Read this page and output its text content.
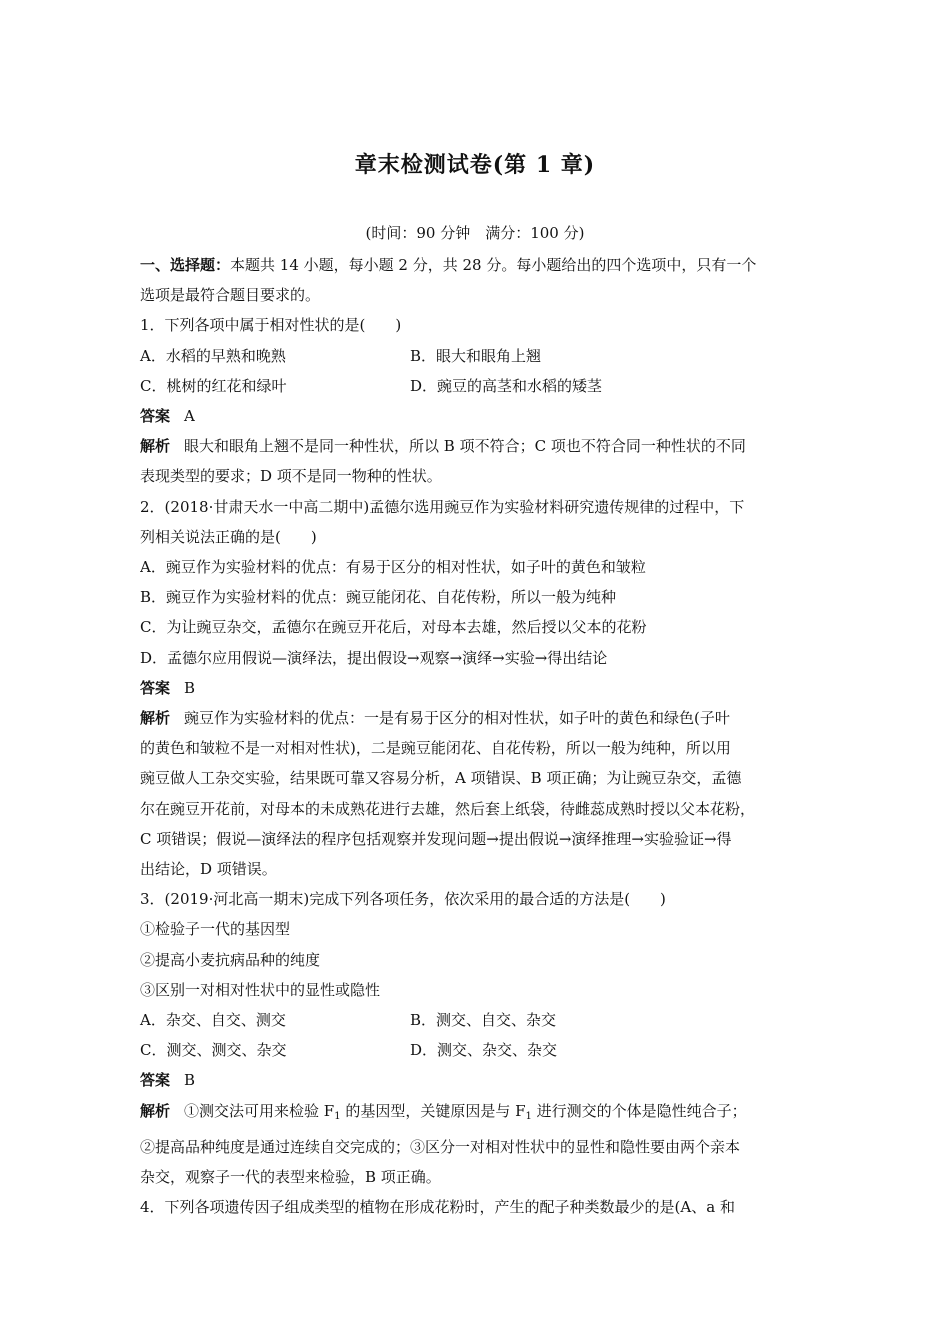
章末检测试卷(第 1 章)
(时间：90 分钟　满分：100 分)
一、选择题：本题共 14 小题，每小题 2 分，共 28 分。每小题给出的四个选项中，只有一个
选项是最符合题目要求的。
1．下列各项中属于相对性状的是(　　)
A．水稻的早熟和晚熟	B．眼大和眼角上翘
C．桃树的红花和绿叶	D．豌豆的高茎和水稻的矮茎
答案 A
解析 眼大和眼角上翘不是同一种性状，所以 B 项不符合；C 项也不符合同一种性状的不同
表现类型的要求；D 项不是同一物种的性状。
2．(2018·甘肃天水一中高二期中)孟德尔选用豌豆作为实验材料研究遗传规律的过程中，下
列相关说法正确的是(　　)
A．豌豆作为实验材料的优点：有易于区分的相对性状，如子叶的黄色和皱粒
B．豌豆作为实验材料的优点：豌豆能闭花、自花传粉，所以一般为纯种
C．为让豌豆杂交，孟德尔在豌豆开花后，对母本去雄，然后授以父本的花粉
D．孟德尔应用假说—演绎法，提出假设→观察→演绎→实验→得出结论
答案 B
解析 豌豆作为实验材料的优点：一是有易于区分的相对性状，如子叶的黄色和绿色(子叶
的黄色和皱粒不是一对相对性状)，二是豌豆能闭花、自花传粉，所以一般为纯种，所以用
豌豆做人工杂交实验，结果既可靠又容易分析，A 项错误、B 项正确；为让豌豆杂交，孟德
尔在豌豆开花前，对母本的未成熟花进行去雄，然后套上纸袋，待雌蕊成熟时授以父本花粉，
C 项错误；假说—演绎法的程序包括观察并发现问题→提出假说→演绎推理→实验验证→得
出结论，D 项错误。
3．(2019·河北高一期末)完成下列各项任务，依次采用的最合适的方法是(　　)
①检验子一代的基因型
②提高小麦抗病品种的纯度
③区别一对相对性状中的显性或隐性
A．杂交、自交、测交	B．测交、自交、杂交
C．测交、测交、杂交	D．测交、杂交、杂交
答案 B
解析 ①测交法可用来检验 $F_1$ 的基因型，关键原因是与 $F_1$ 进行测交的个体是隐性纯合子；
②提高品种纯度是通过连续自交完成的；③区分一对相对性状中的显性和隐性要由两个亲本
杂交，观察子一代的表型来检验，B 项正确。
4．下列各项遗传因子组成类型的植物在形成花粉时，产生的配子种类数最少的是(A、a 和
